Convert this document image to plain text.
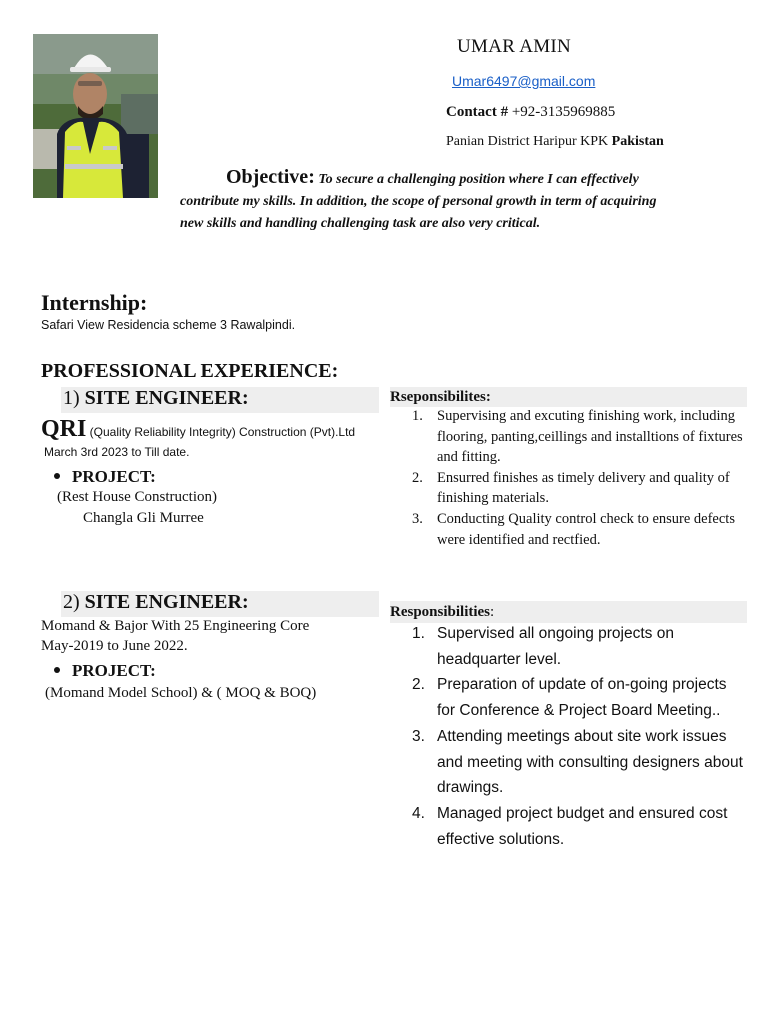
UMAR AMIN
Umar6497@gmail.com
Contact # +92-3135969885
Panian District Haripur KPK Pakistan
Objective: To secure a challenging position where I can effectively contribute my skills. In addition, the scope of personal growth in term of acquiring new skills and handling challenging task are also very critical.
Internship:
Safari View Residencia scheme 3 Rawalpindi.
PROFESSIONAL EXPERIENCE:
1) SITE ENGINEER:
QRI (Quality Reliability Integrity) Construction (Pvt).Ltd
March 3rd 2023 to Till date.
PROJECT:
(Rest House Construction)
Changla Gli Murree
Rseponsibilites:
1. Supervising and excuting finishing work, including flooring, panting,ceillings and installtions of fixtures and fitting.
2. Ensurred finishes as timely delivery and quality of finishing materials.
3. Conducting Quality control check to ensure defects were identified and rectfied.
2) SITE ENGINEER:
Momand & Bajor With 25 Engineering Core
May-2019 to June 2022.
PROJECT:
(Momand Model School) & ( MOQ & BOQ)
Responsibilities:
1. Supervised all ongoing projects on headquarter level.
2. Preparation of update of on-going projects for Conference & Project Board Meeting..
3. Attending meetings about site work issues and meeting with consulting designers about drawings.
4. Managed project budget and ensured cost effective solutions.
